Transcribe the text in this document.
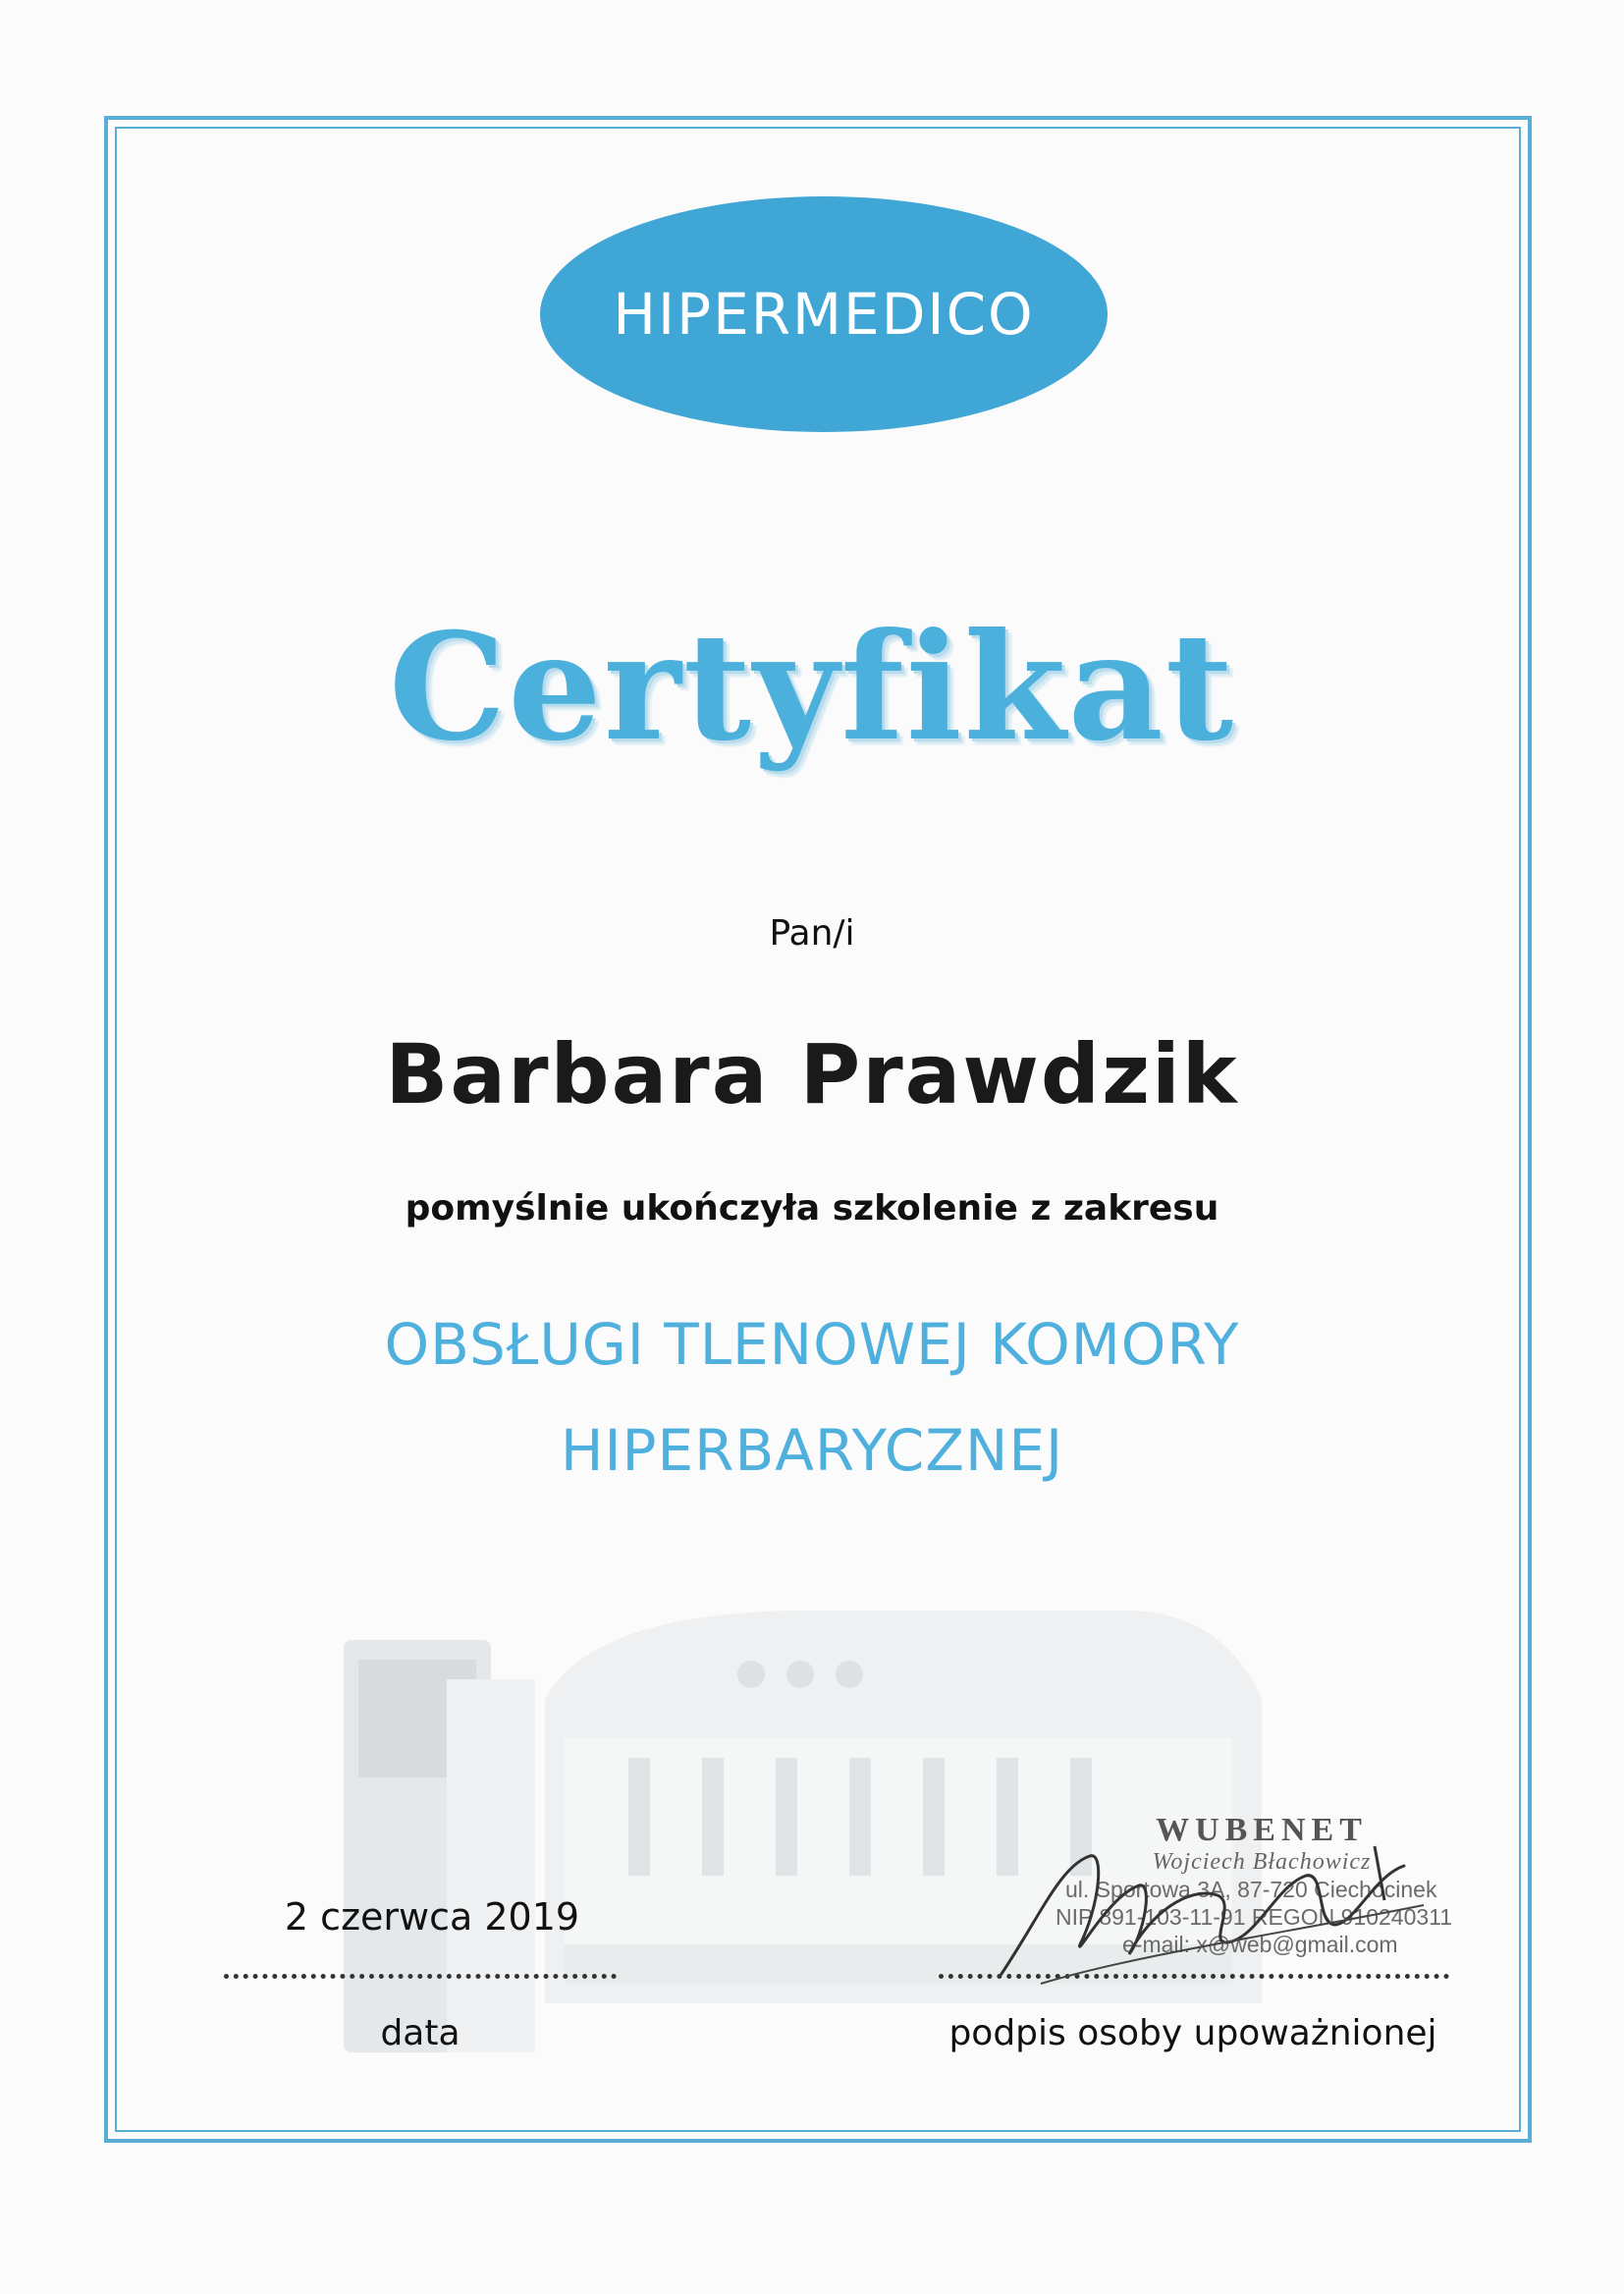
HIPERMEDICO
Certyfikat
Pan/i
Barbara Prawdzik
pomyślnie ukończyła szkolenie z zakresu
OBSŁUGI TLENOWEJ KOMORY
HIPERBARYCZNEJ
2 czerwca 2019
data	podpis osoby upoważnionej
WUBENET
Wojciech Błachowicz
ul. Sportowa 3A, 87-720 Ciechocinek
NIP 891-103-11-91 REGON 910240311
e-mail: x@web@gmail.com
